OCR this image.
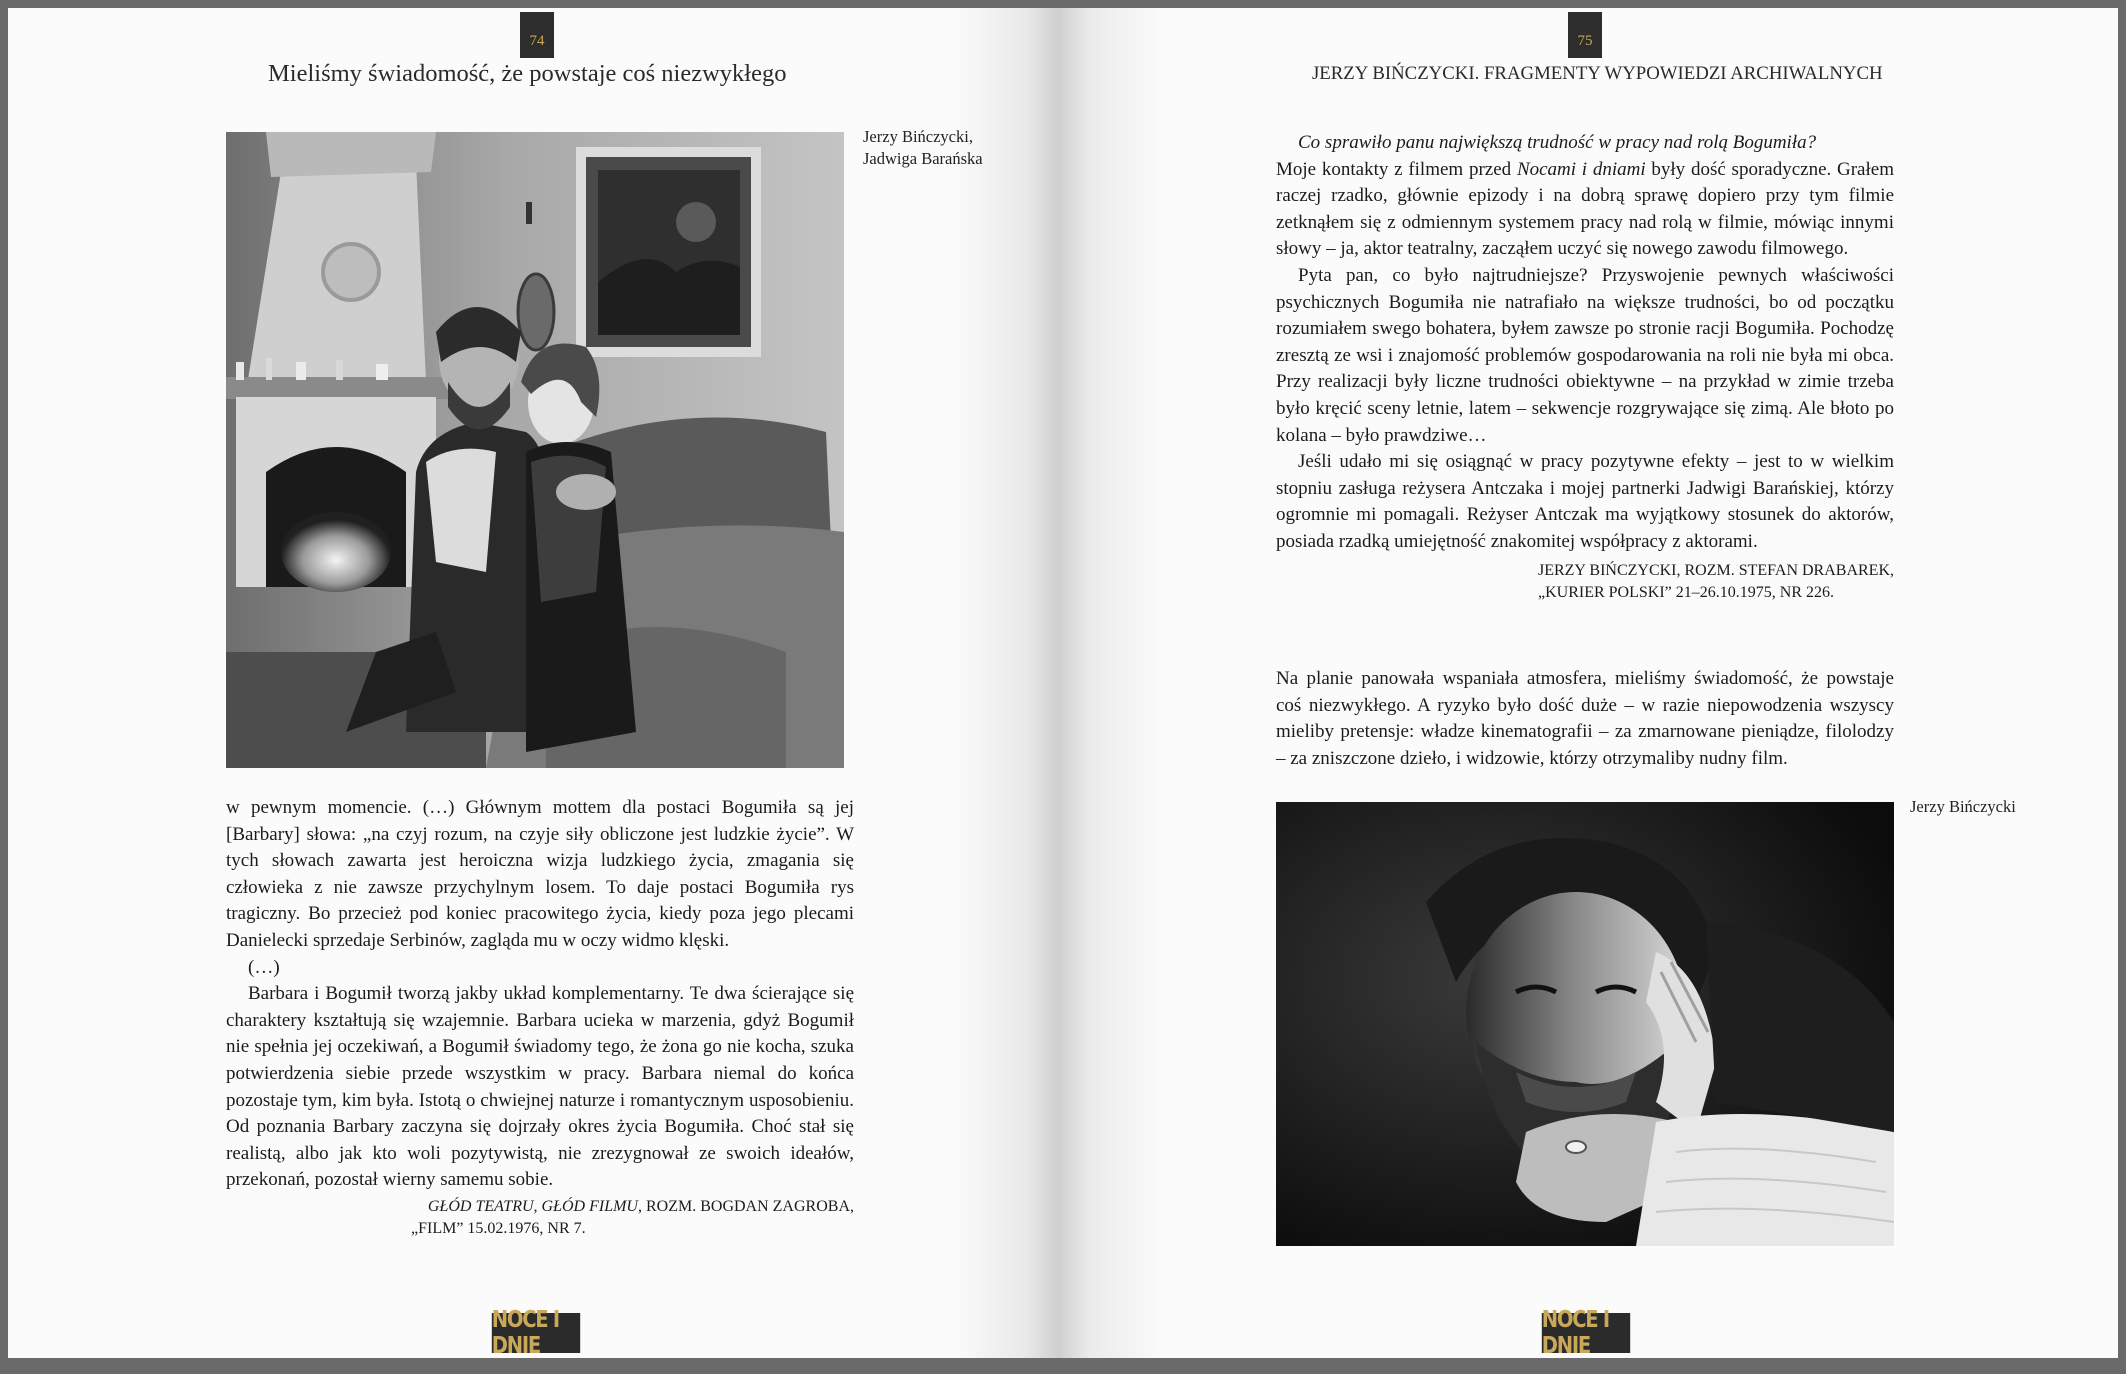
74
Mieliśmy świadomość, że powstaje coś niezwykłego
Jerzy Bińczycki,
Jadwiga Barańska

w pewnym momencie. (…) Głównym mottem dla postaci Bogumiła są jej [Barbary] słowa: „na czyj rozum, na czyje siły obliczone jest ludzkie życie”. W tych słowach zawarta jest heroiczna wizja ludzkiego życia, zmagania się człowieka z nie zawsze przychylnym losem. To daje postaci Bogumiła rys tragiczny. Bo przecież pod koniec pracowitego życia, kiedy poza jego plecami Danielecki sprzedaje Serbinów, zagląda mu w oczy widmo klęski.

(…)

Barbara i Bogumił tworzą jakby układ komplementarny. Te dwa ścierające się charaktery kształtują się wzajemnie. Barbara ucieka w marzenia, gdyż Bogumił nie spełnia jej oczekiwań, a Bogumił świadomy tego, że żona go nie kocha, szuka potwierdzenia siebie przede wszystkim w pracy. Barbara niemal do końca pozostaje tym, kim była. Istotą o chwiejnej naturze i romantycznym usposobieniu. Od poznania Barbary zaczyna się dojrzały okres życia Bogumiła. Choć stał się realistą, albo jak kto woli pozytywistą, nie zrezygnował ze swoich ideałów, przekonań, pozostał wierny samemu sobie.

GŁÓD TEATRU, GŁÓD FILMU, ROZM. BOGDAN ZAGROBA,

„FILM” 15.02.1976, NR 7.

NOCE I DNIE
75
JERZY BIŃCZYCKI. FRAGMENTY WYPOWIEDZI ARCHIWALNYCH

Co sprawiło panu największą trudność w pracy nad rolą Bogumiła?

Moje kontakty z filmem przed Nocami i dniami były dość sporadyczne. Grałem raczej rzadko, głównie epizody i na dobrą sprawę dopiero przy tym filmie zetknąłem się z odmiennym systemem pracy nad rolą w filmie, mówiąc innymi słowy – ja, aktor teatralny, zacząłem uczyć się nowego zawodu filmowego.

Pyta pan, co było najtrudniejsze? Przyswojenie pewnych właściwości psychicznych Bogumiła nie natrafiało na większe trudności, bo od początku rozumiałem swego bohatera, byłem zawsze po stronie racji Bogumiła. Pochodzę zresztą ze wsi i znajomość problemów gospodarowania na roli nie była mi obca. Przy realizacji były liczne trudności obiektywne – na przykład w zimie trzeba było kręcić sceny letnie, latem – sekwencje rozgrywające się zimą. Ale błoto po kolana – było prawdziwe…

Jeśli udało mi się osiągnąć w pracy pozytywne efekty – jest to w wielkim stopniu zasługa reżysera Antczaka i mojej partnerki Jadwigi Barańskiej, którzy ogromnie mi pomagali. Reżyser Antczak ma wyjątkowy stosunek do aktorów, posiada rzadką umiejętność znakomitej współpracy z aktorami.

JERZY BIŃCZYCKI, ROZM. STEFAN DRABAREK,

„KURIER POLSKI” 21–26.10.1975, NR 226.

Na planie panowała wspaniała atmosfera, mieliśmy świadomość, że powstaje coś niezwykłego. A ryzyko było dość duże – w razie niepowodzenia wszyscy mieliby pretensje: władze kinematografii – za zmarnowane pieniądze, filolodzy – za zniszczone dzieło, i widzowie, którzy otrzymaliby nudny film.

Jerzy Bińczycki
NOCE I DNIE
